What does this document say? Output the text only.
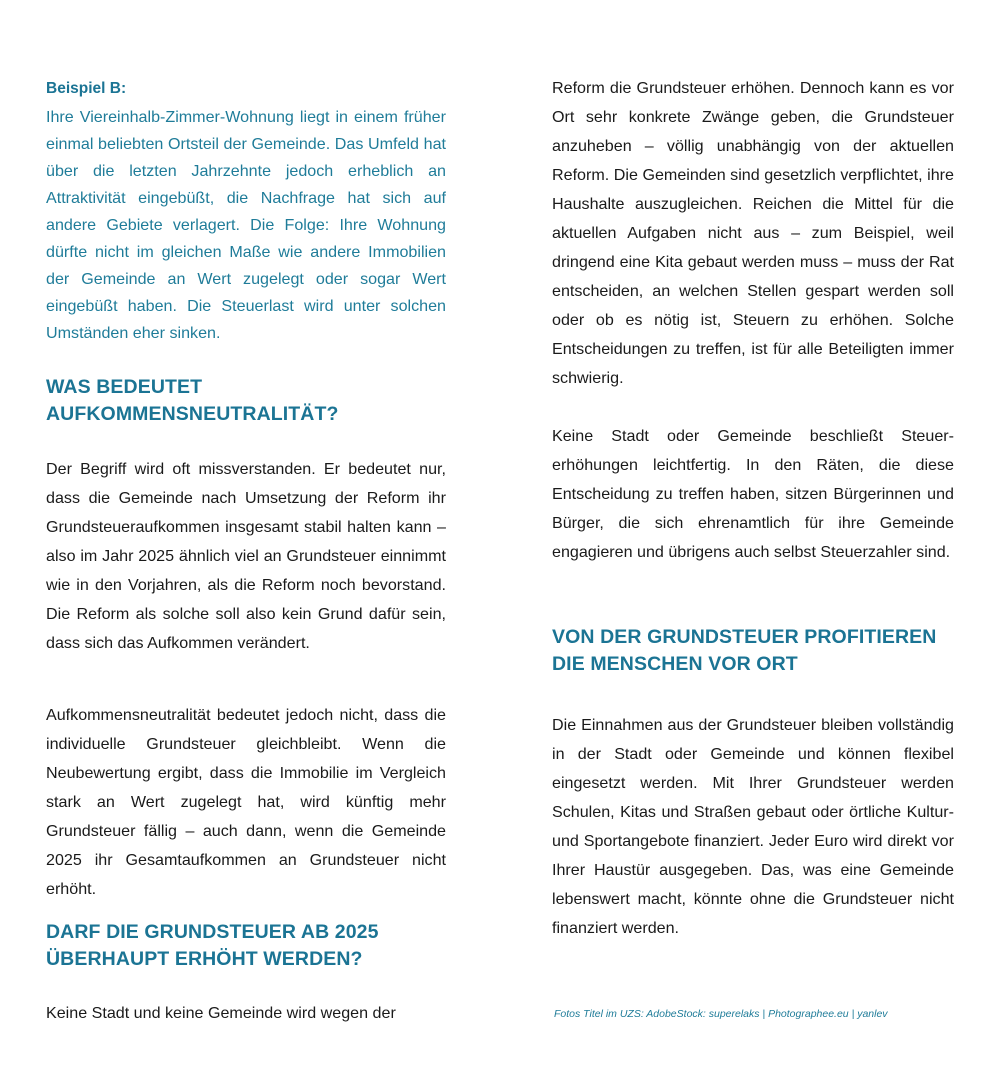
Beispiel B:

Ihre Viereinhalb-Zimmer-Wohnung liegt in einem früher einmal beliebten Ortsteil der Gemeinde. Das Umfeld hat über die letzten Jahrzehnte jedoch erheblich an Attraktivität eingebüßt, die Nachfrage hat sich auf andere Gebiete verlagert. Die Folge: Ihre Wohnung dürfte nicht im gleichen Maße wie andere Immobilien der Gemeinde an Wert zugelegt oder sogar Wert eingebüßt haben. Die Steuerlast wird unter solchen Umständen eher sinken.

WAS BEDEUTET AUFKOMMENSNEUTRALITÄT?

Der Begriff wird oft missverstanden. Er bedeutet nur, dass die Gemeinde nach Umsetzung der Reform ihr Grundsteueraufkommen insgesamt stabil halten kann – also im Jahr 2025 ähnlich viel an Grundsteuer einnimmt wie in den Vorjahren, als die Reform noch bevorstand. Die Reform als solche soll also kein Grund dafür sein, dass sich das Aufkommen verändert.

Aufkommensneutralität bedeutet jedoch nicht, dass die individuelle Grundsteuer gleichbleibt. Wenn die Neubewertung ergibt, dass die Immobilie im Vergleich stark an Wert zugelegt hat, wird künftig mehr Grundsteuer fällig – auch dann, wenn die Gemeinde 2025 ihr Gesamtaufkommen an Grundsteuer nicht erhöht.

DARF DIE GRUNDSTEUER AB 2025 ÜBERHAUPT ERHÖHT WERDEN?

Keine Stadt und keine Gemeinde wird wegen der

Reform die Grundsteuer erhöhen. Dennoch kann es vor Ort sehr konkrete Zwänge geben, die Grundsteuer anzuheben – völlig unabhängig von der aktuellen Reform. Die Gemeinden sind gesetzlich verpflichtet, ihre Haushalte auszugleichen. Reichen die Mittel für die aktuellen Aufgaben nicht aus – zum Beispiel, weil dringend eine Kita gebaut werden muss – muss der Rat entscheiden, an welchen Stellen gespart werden soll oder ob es nötig ist, Steuern zu erhöhen. Solche Entscheidungen zu treffen, ist für alle Beteiligten immer schwierig.

Keine Stadt oder Gemeinde beschließt Steuererhöhungen leichtfertig. In den Räten, die diese Entscheidung zu treffen haben, sitzen Bürgerinnen und Bürger, die sich ehrenamtlich für ihre Gemeinde engagieren und übrigens auch selbst Steuerzahler sind.

VON DER GRUNDSTEUER PROFITIEREN DIE MENSCHEN VOR ORT

Die Einnahmen aus der Grundsteuer bleiben vollständig in der Stadt oder Gemeinde und können flexibel eingesetzt werden. Mit Ihrer Grundsteuer werden Schulen, Kitas und Straßen gebaut oder örtliche Kultur- und Sportangebote finanziert. Jeder Euro wird direkt vor Ihrer Haustür ausgegeben. Das, was eine Gemeinde lebenswert macht, könnte ohne die Grundsteuer nicht finanziert werden.

Fotos Titel im UZS: AdobeStock: superelaks | Photographee.eu | yanlev
